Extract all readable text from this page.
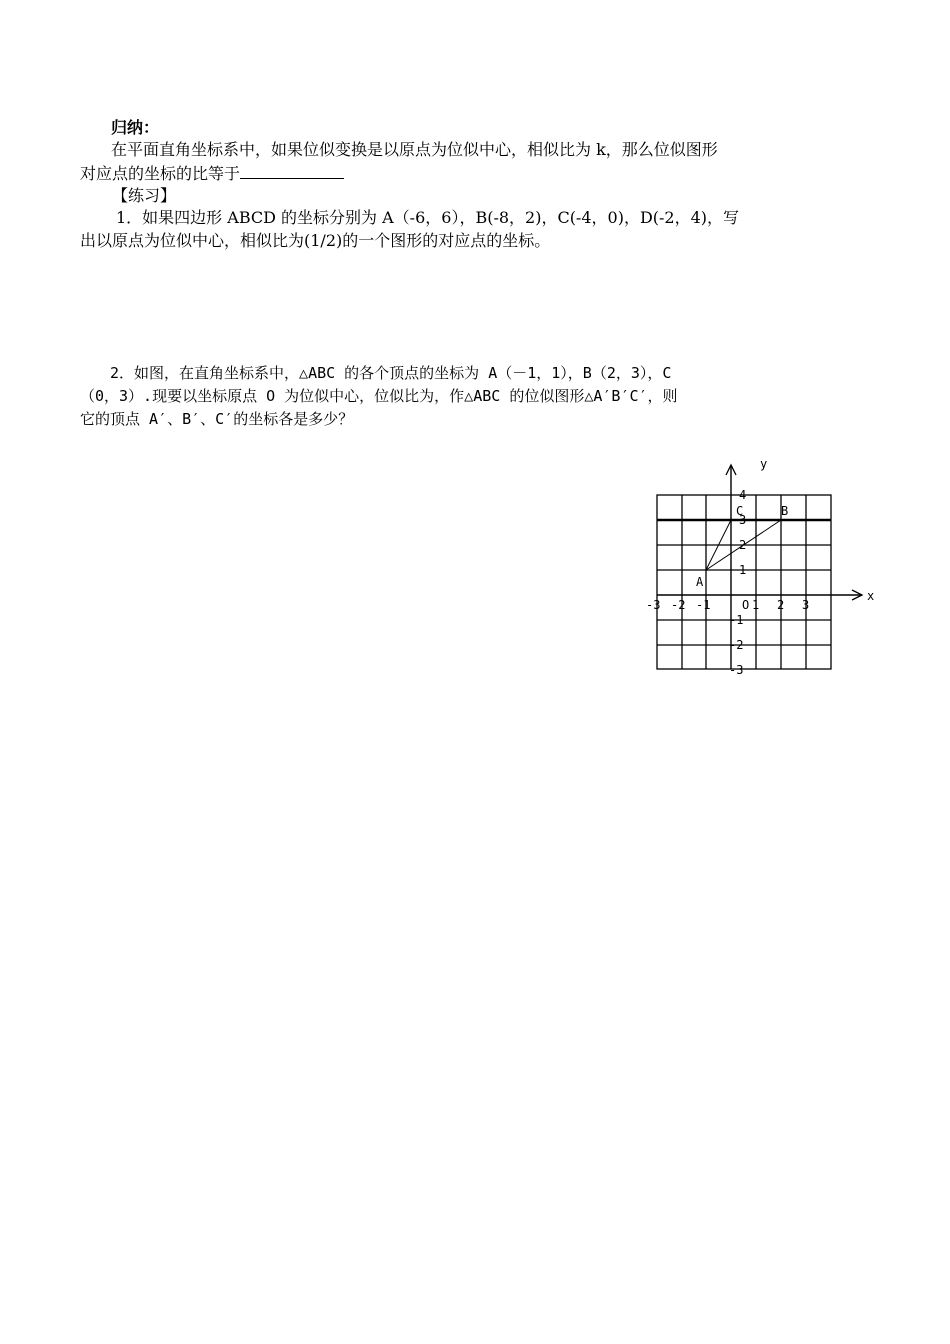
归纳：
在平面直角坐标系中，如果位似变换是以原点为位似中心，相似比为 k，那么位似图形
对应点的坐标的比等于
【练习】
1．如果四边形 ABCD 的坐标分别为 A（-6，6），B(-8，2)，C(-4，0)，D(-2，4)，写
出以原点为位似中心，相似比为(1/2)的一个图形的对应点的坐标。
2．如图，在直角坐标系中，△ABC 的各个顶点的坐标为 A（－1，1），B（2，3），C
（0，3）.现要以坐标原点 O 为位似中心，位似比为，作△ABC 的位似图形△A′B′C′，则
它的顶点 A′、B′、C′的坐标各是多少？
A
B
C
x
y
O
-3 -2 -1	1 2 3
4
3
2
1
-1
-2
-3
